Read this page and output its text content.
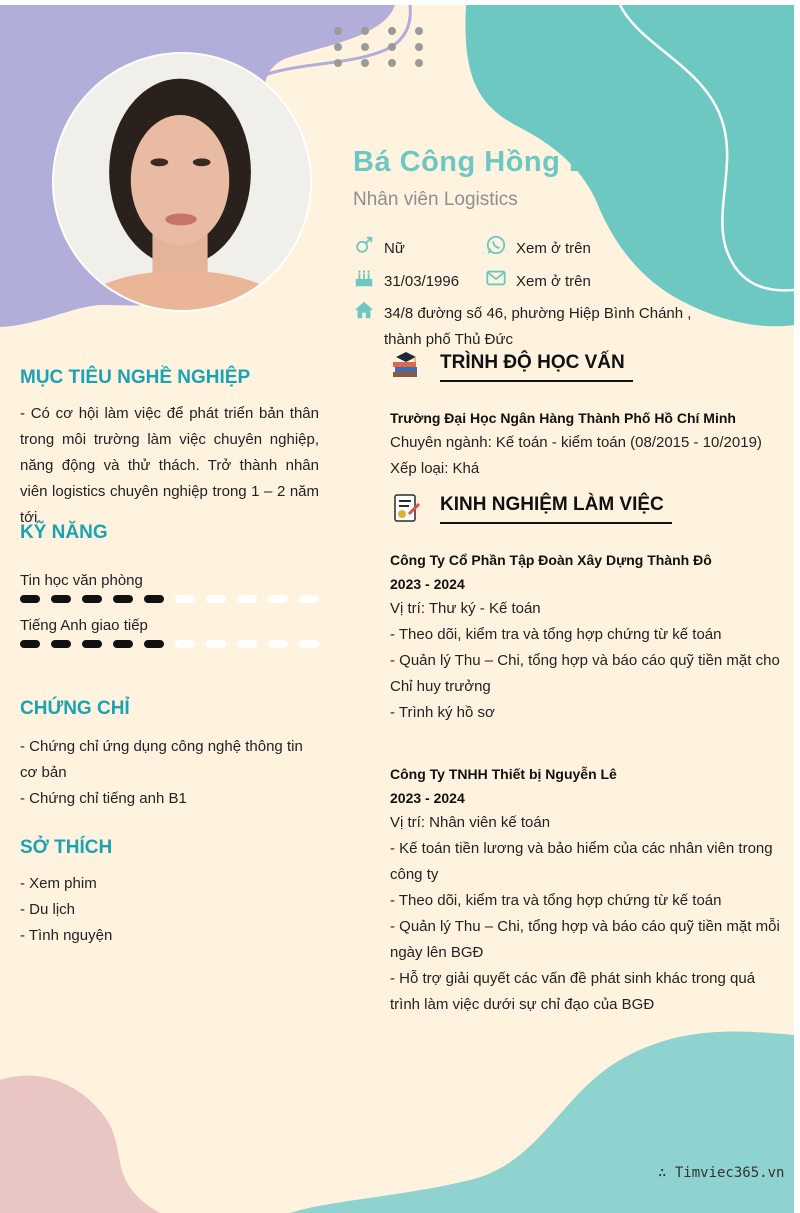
Bá Công Hồng Dể
Nhân viên Logistics
Nữ	Xem ở trên
31/03/1996	Xem ở trên
34/8 đường số 46, phường Hiệp Bình Chánh ,
thành phố Thủ Đức
MỤC TIÊU NGHỀ NGHIỆP
- Có cơ hội làm việc để phát triển bản thân trong môi trường làm việc chuyên nghiệp, năng động và thử thách. Trở thành nhân viên logistics chuyên nghiệp trong 1 – 2 năm tới.
KỸ NĂNG
Tin học văn phòng
Tiếng Anh giao tiếp
CHỨNG CHỈ
- Chứng chỉ ứng dụng công nghệ thông tin cơ bản
- Chứng chỉ tiếng anh B1
SỞ THÍCH
- Xem phim
- Du lịch
- Tình nguyện
TRÌNH ĐỘ HỌC VẤN
Trường Đại Học Ngân Hàng Thành Phố Hồ Chí Minh
Chuyên ngành: Kế toán - kiểm toán (08/2015 - 10/2019)
Xếp loại: Khá
KINH NGHIỆM LÀM VIỆC
Công Ty Cổ Phần Tập Đoàn Xây Dựng Thành Đô
2023 - 2024
Vị trí: Thư ký - Kế toán
- Theo dõi, kiểm tra và tổng hợp chứng từ kế toán
- Quản lý Thu – Chi, tổng hợp và báo cáo quỹ tiền mặt cho Chỉ huy trưởng
- Trình ký hồ sơ
Công Ty TNHH Thiết bị Nguyễn Lê
2023 - 2024
Vị trí: Nhân viên kế toán
- Kế toán tiền lương và bảo hiểm của các nhân viên trong công ty
- Theo dõi, kiểm tra và tổng hợp chứng từ kế toán
- Quản lý Thu – Chi, tổng hợp và báo cáo quỹ tiền mặt mỗi ngày lên BGĐ
- Hỗ trợ giải quyết các vấn đề phát sinh khác trong quá trình làm việc dưới sự chỉ đạo của BGĐ
∴ Timviec365.vn
